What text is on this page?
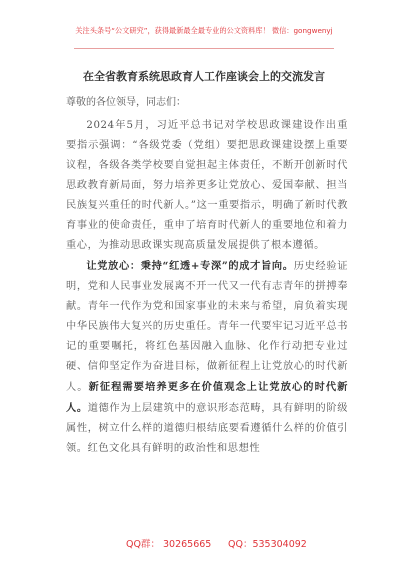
关注头条号“公文研究”，获得最新最全最专业的公文资料库！ 微信：gongwenyj
在全省教育系统思政育人工作座谈会上的交流发言
尊敬的各位领导，同志们：

2024年5月，习近平总书记对学校思政课建设作出重要指示强调：“各级党委（党组）要把思政课建设摆上重要议程，各级各类学校要自觉担起主体责任，不断开创新时代思政教育新局面，努力培养更多让党放心、爱国奉献、担当民族复兴重任的时代新人。”这一重要指示，明确了新时代教育事业的使命责任，重申了培育时代新人的重要地位和着力重心，为推动思政课实现高质量发展提供了根本遵循。

让党放心：秉持“红透+专深”的成才旨向。历史经验证明，党和人民事业发展离不开一代又一代有志青年的拼搏奉献。青年一代作为党和国家事业的未来与希望，肩负着实现中华民族伟大复兴的历史重任。青年一代要牢记习近平总书记的重要嘱托，将红色基因融入血脉、化作行动把专业过硬、信仰坚定作为奋进目标，做新征程上让党放心的时代新人。新征程需要培养更多在价值观念上让党放心的时代新人。道德作为上层建筑中的意识形态范畴，具有鲜明的阶级属性，树立什么样的道德归根结底要看遵循什么样的价值引领。红色文化具有鲜明的政治性和思想性

QQ群： 30265665 QQ：535304092
